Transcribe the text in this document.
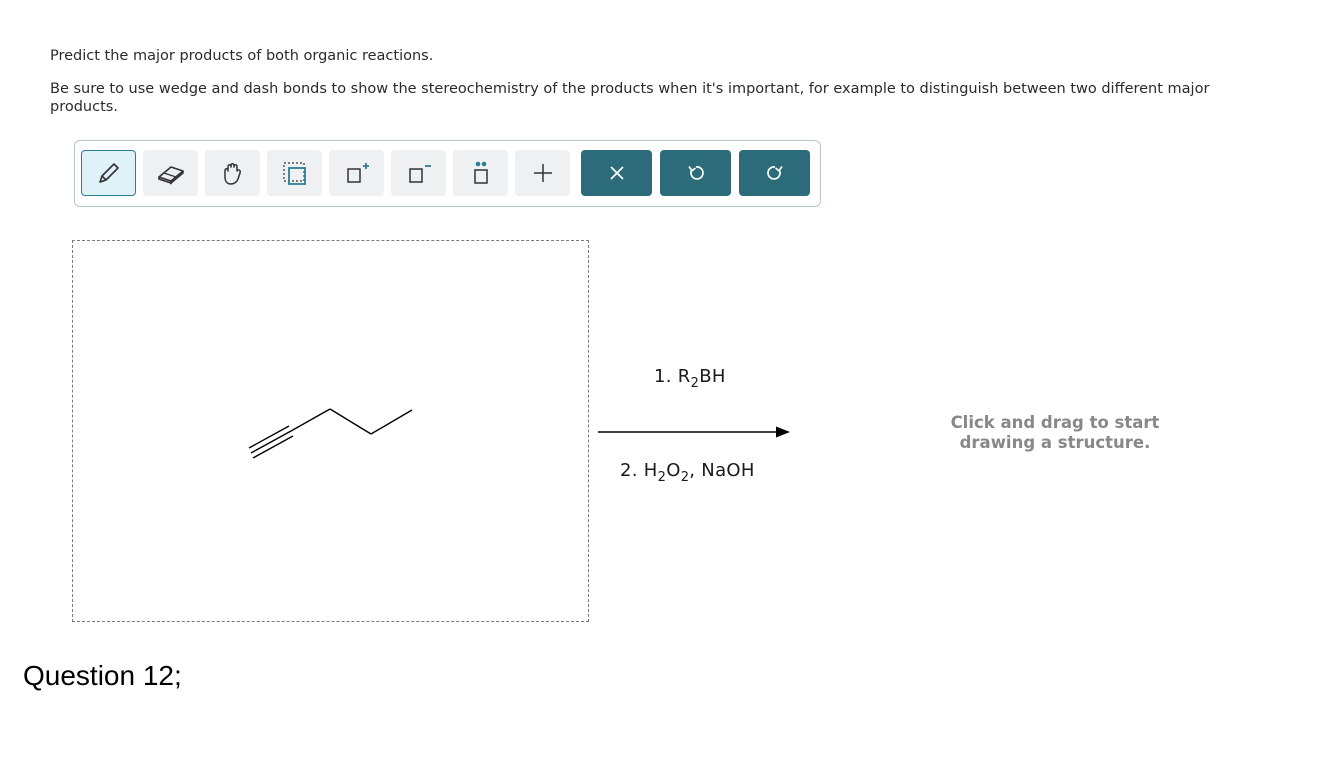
Predict the major products of both organic reactions.

Be sure to use wedge and dash bonds to show the stereochemistry of the products when it's important, for example to distinguish between two different major products.

1. $R_2BH$
2. $H_2O_2$, NaOH
Click and drag to start
drawing a structure.
Question 12;
